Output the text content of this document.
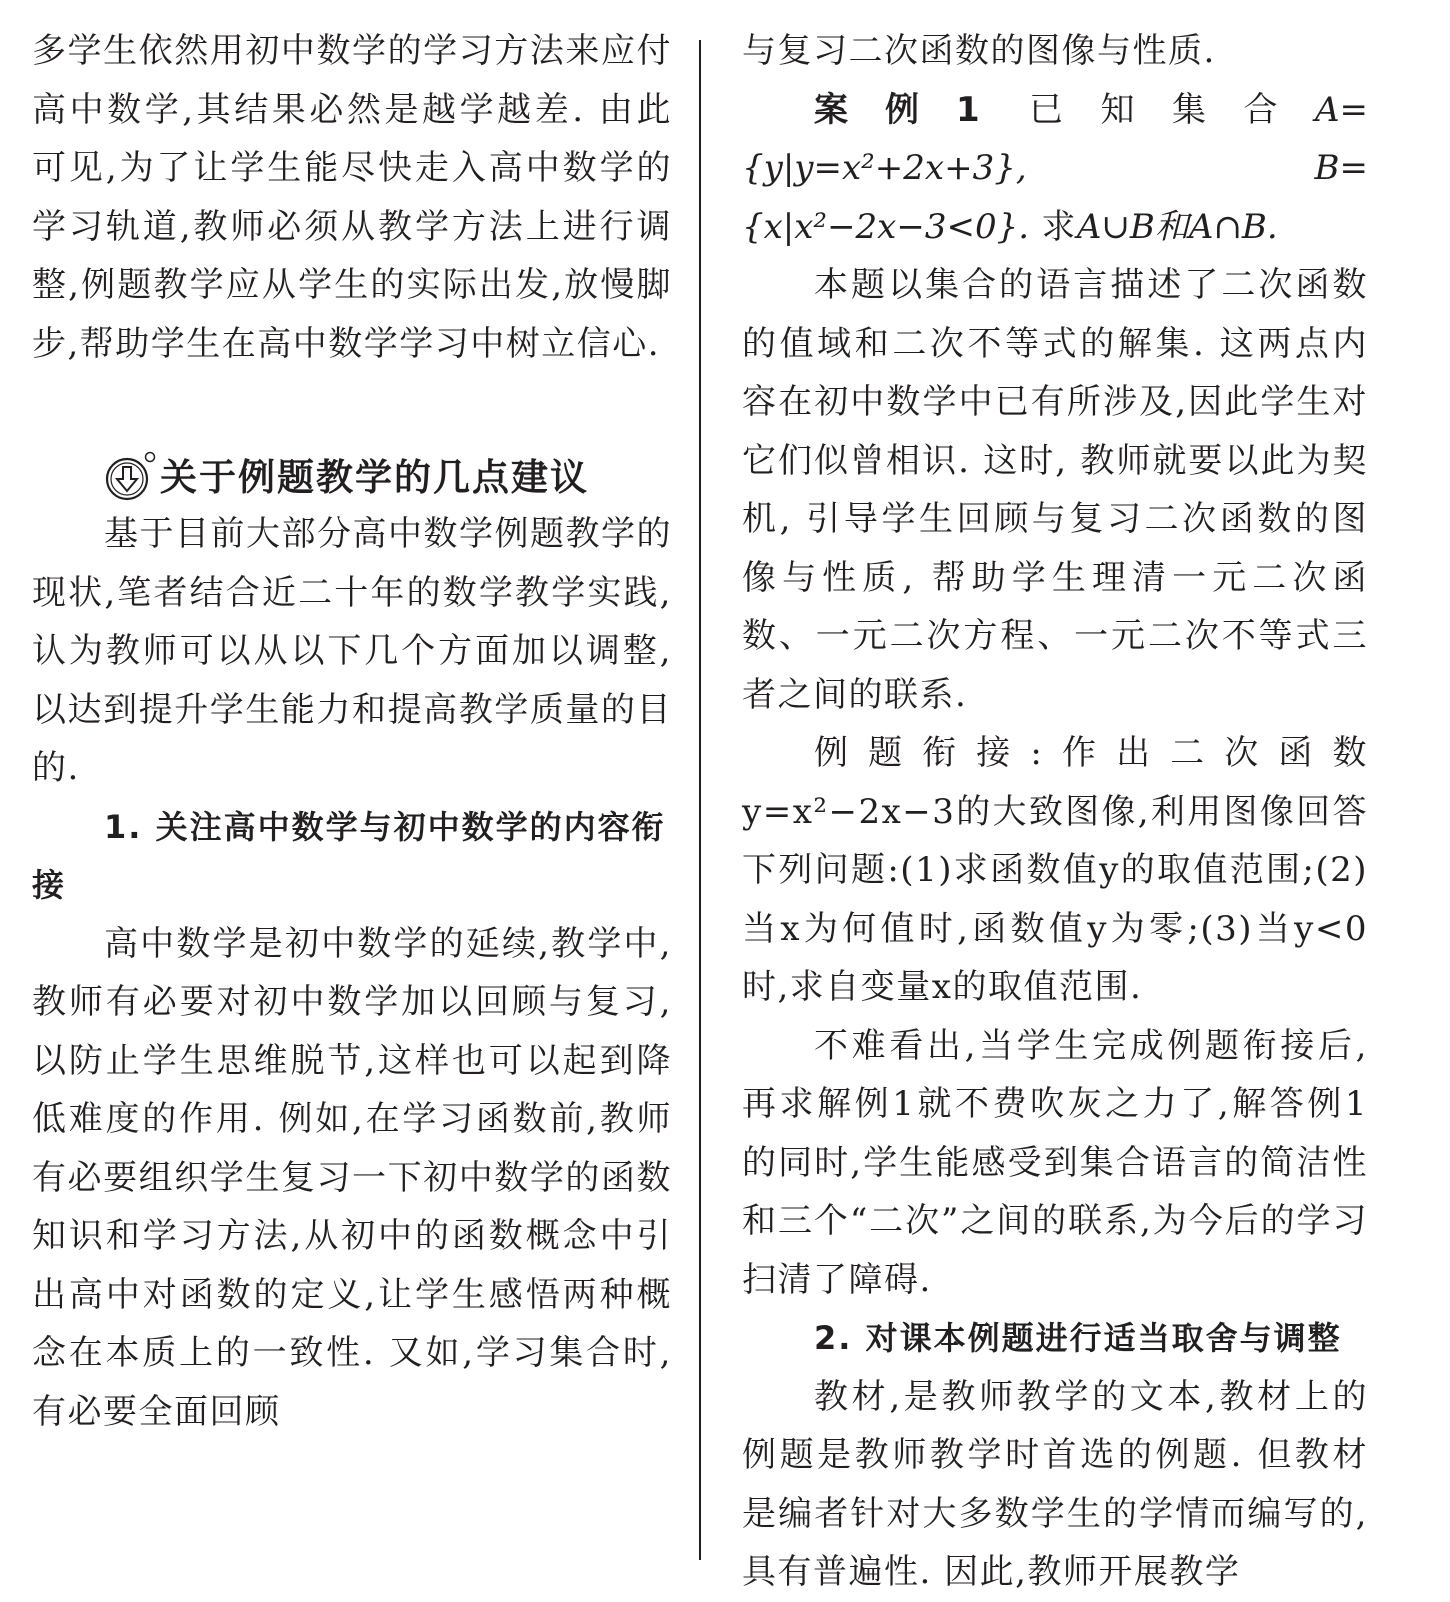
多学生依然用初中数学的学习方法来应付高中数学,其结果必然是越学越差. 由此可见,为了让学生能尽快走入高中数学的学习轨道,教师必须从教学方法上进行调整,例题教学应从学生的实际出发,放慢脚步,帮助学生在高中数学学习中树立信心.

关于例题教学的几点建议

基于目前大部分高中数学例题教学的现状,笔者结合近二十年的数学教学实践,认为教师可以从以下几个方面加以调整,以达到提升学生能力和提高教学质量的目的.

1. 关注高中数学与初中数学的内容衔接

高中数学是初中数学的延续,教学中,教师有必要对初中数学加以回顾与复习,以防止学生思维脱节,这样也可以起到降低难度的作用. 例如,在学习函数前,教师有必要组织学生复习一下初中数学的函数知识和学习方法,从初中的函数概念中引出高中对函数的定义,让学生感悟两种概念在本质上的一致性. 又如,学习集合时,有必要全面回顾

与复习二次函数的图像与性质.

案例1 已知集合A={y|y=x²+2x+3},	B={x|x²−2x−3<0}. 求A∪B和A∩B.

本题以集合的语言描述了二次函数的值域和二次不等式的解集. 这两点内容在初中数学中已有所涉及,因此学生对它们似曾相识. 这时, 教师就要以此为契机, 引导学生回顾与复习二次函数的图像与性质, 帮助学生理清一元二次函数、一元二次方程、一元二次不等式三者之间的联系.

例题衔接:作出二次函数y=x²−2x−3的大致图像,利用图像回答下列问题:(1)求函数值y的取值范围;(2)当x为何值时,函数值y为零;(3)当y<0时,求自变量x的取值范围.

不难看出,当学生完成例题衔接后,再求解例1就不费吹灰之力了,解答例1的同时,学生能感受到集合语言的简洁性和三个“二次”之间的联系,为今后的学习扫清了障碍.

2. 对课本例题进行适当取舍与调整

教材,是教师教学的文本,教材上的例题是教师教学时首选的例题. 但教材是编者针对大多数学生的学情而编写的,具有普遍性. 因此,教师开展教学
